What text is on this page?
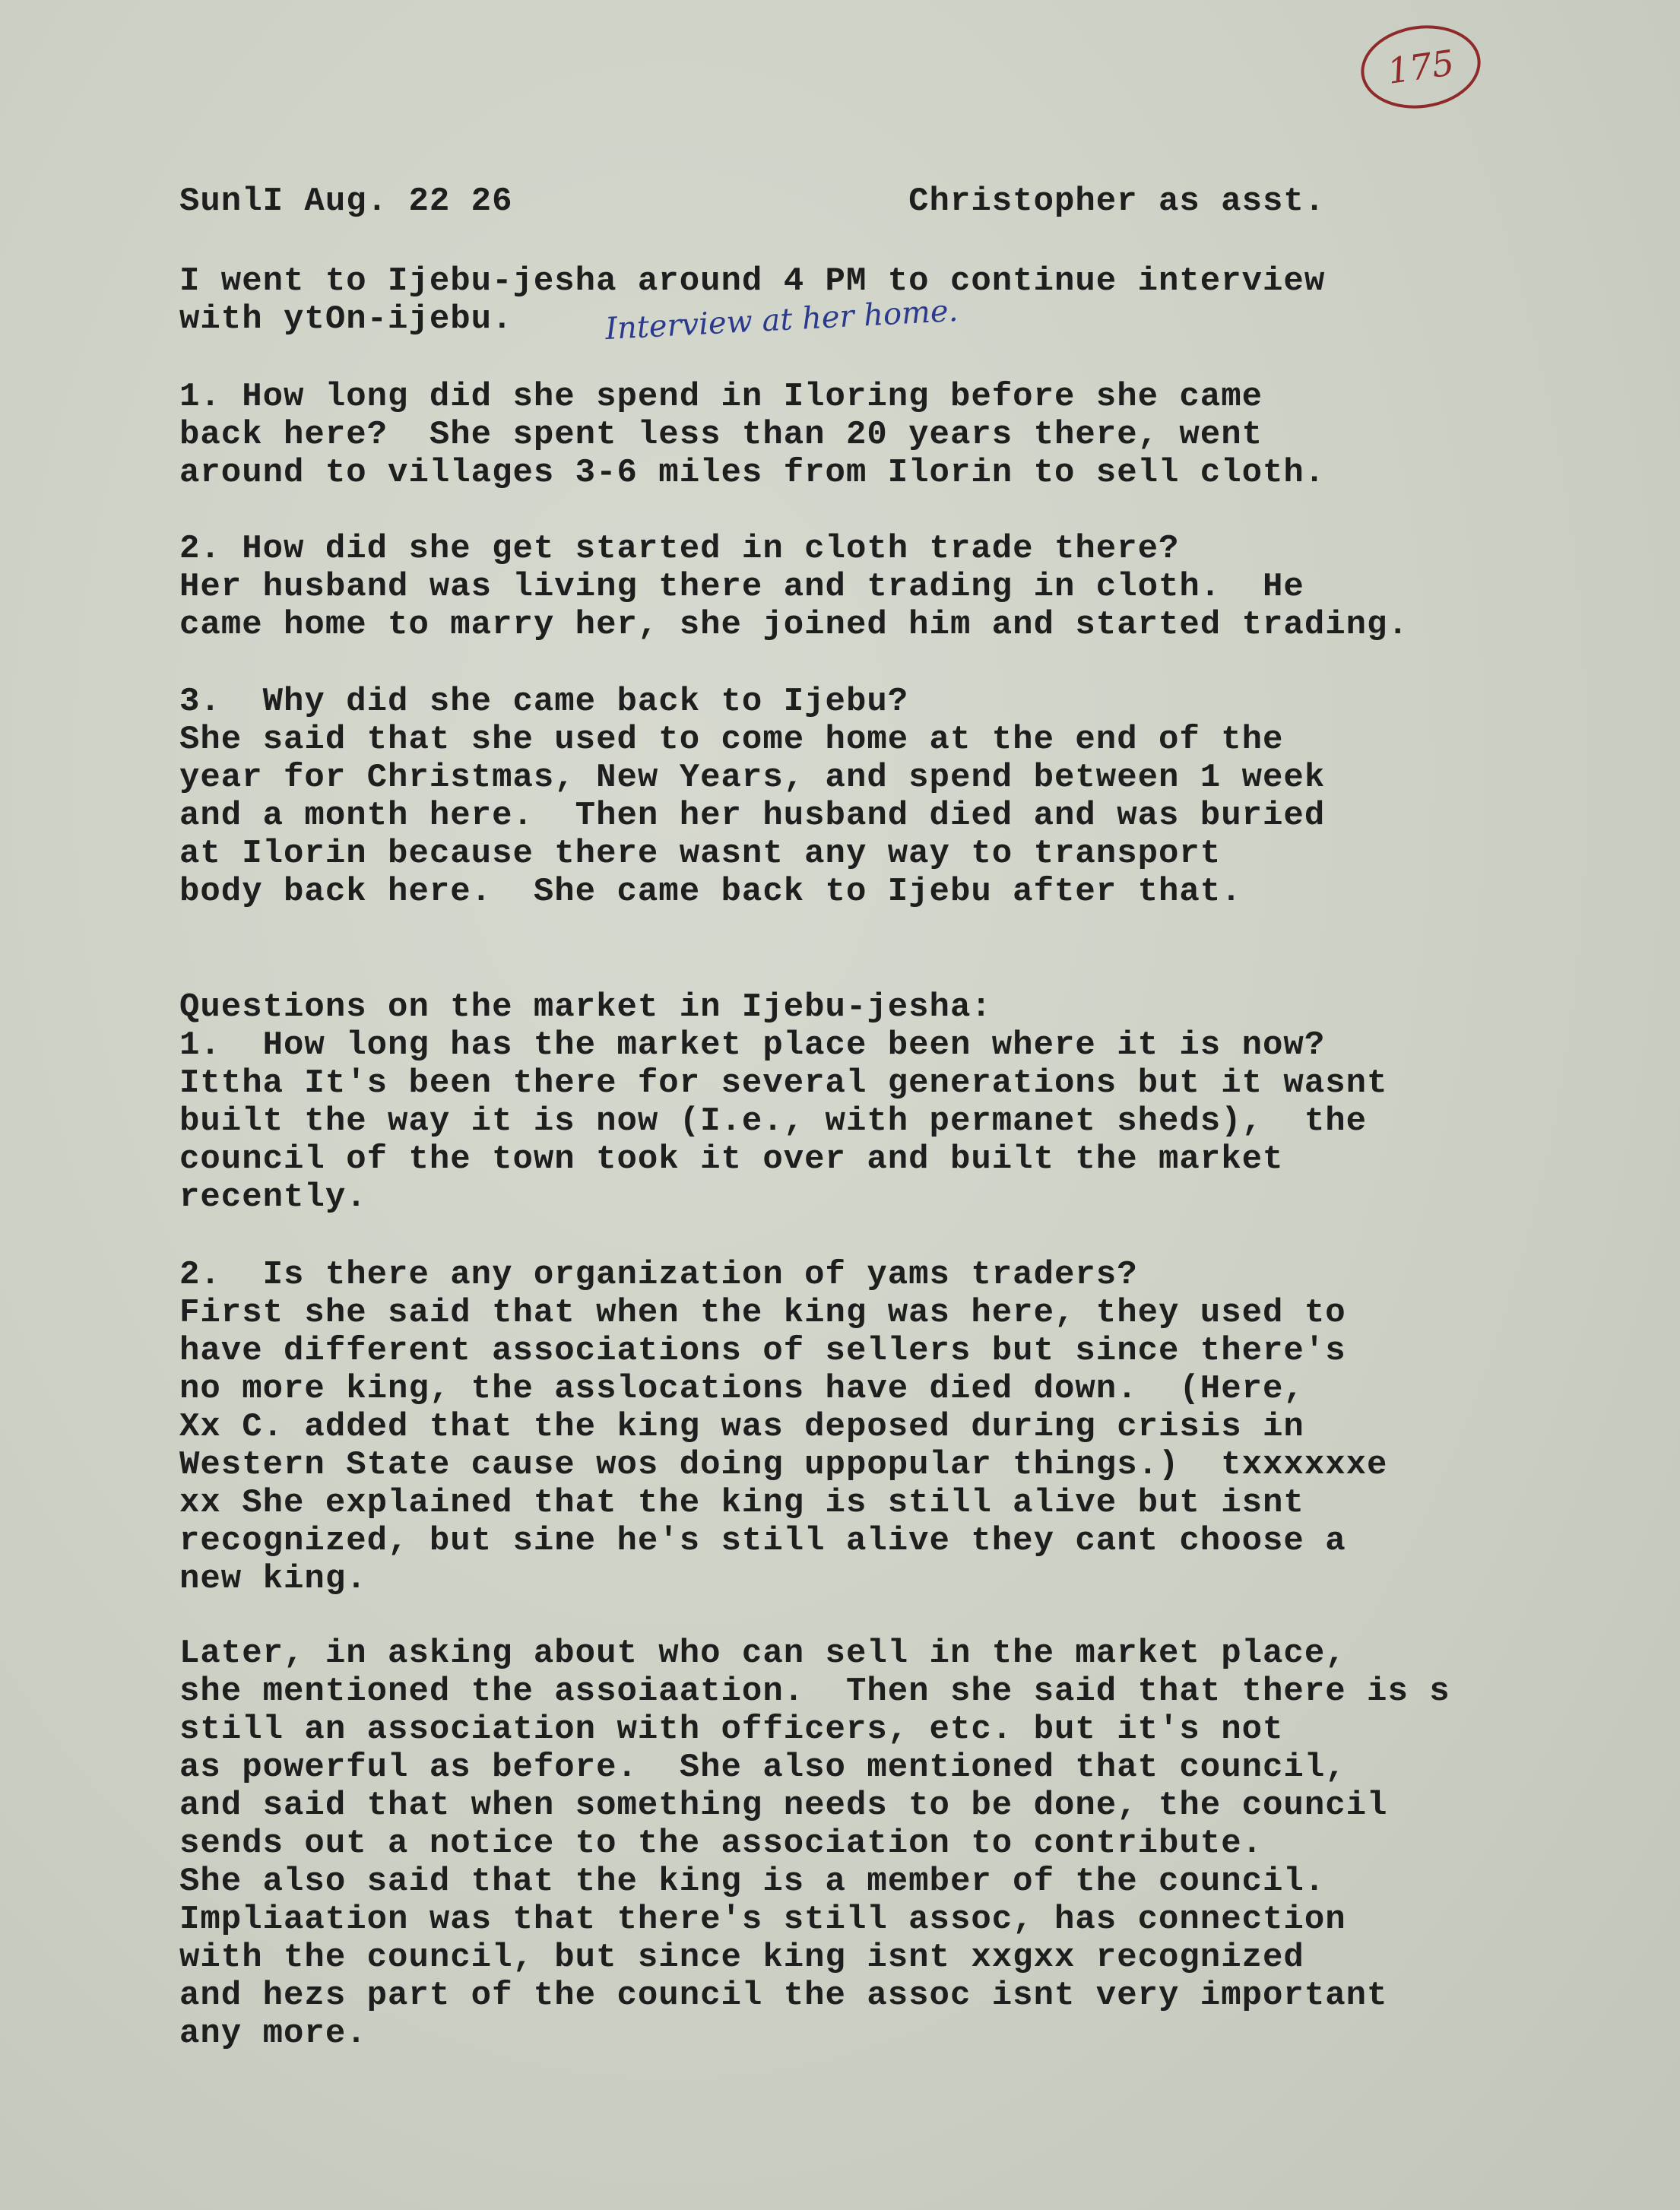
175

SunlI Aug. 22 26	Christopher as asst.

I went to Ijebu-jesha around 4 PM to continue interview
with ytOn-ijebu.	Interview at her home.

1. How long did she spend in Iloring before she came
back here?  She spent less than 20 years there, went
around to villages 3-6 miles from Ilorin to sell cloth.

2. How did she get started in cloth trade there?
Her husband was living there and trading in cloth.  He
came home to marry her, she joined him and started trading.

3.  Why did she came back to Ijebu?
She said that she used to come home at the end of the
year for Christmas, New Years, and spend between 1 week
and a month here.  Then her husband died and was buried
at Ilorin because there wasnt any way to transport
body back here.  She came back to Ijebu after that.

Questions on the market in Ijebu-jesha:
1.  How long has the market place been where it is now?
Ittha It's been there for several generations but it wasnt
built the way it is now (I.e., with permanet sheds),  the
council of the town took it over and built the market
recently.

2.  Is there any organization of yams traders?
First she said that when the king was here, they used to
have different associations of sellers but since there's
no more king, the asslocations have died down.  (Here,
Xx C. added that the king was deposed during crisis in
Western State cause wos doing uppopular things.)  txxxxxxe
xx She explained that the king is still alive but isnt
recognized, but sine he's still alive they cant choose a
new king.

Later, in asking about who can sell in the market place,
she mentioned the assoiaation.  Then she said that there is s
still an association with officers, etc. but it's not
as powerful as before.  She also mentioned that council,
and said that when something needs to be done, the council
sends out a notice to the association to contribute.
She also said that the king is a member of the council.
Impliaation was that there's still assoc, has connection
with the council, but since king isnt xxgxx recognized
and hezs part of the council the assoc isnt very important
any more.
